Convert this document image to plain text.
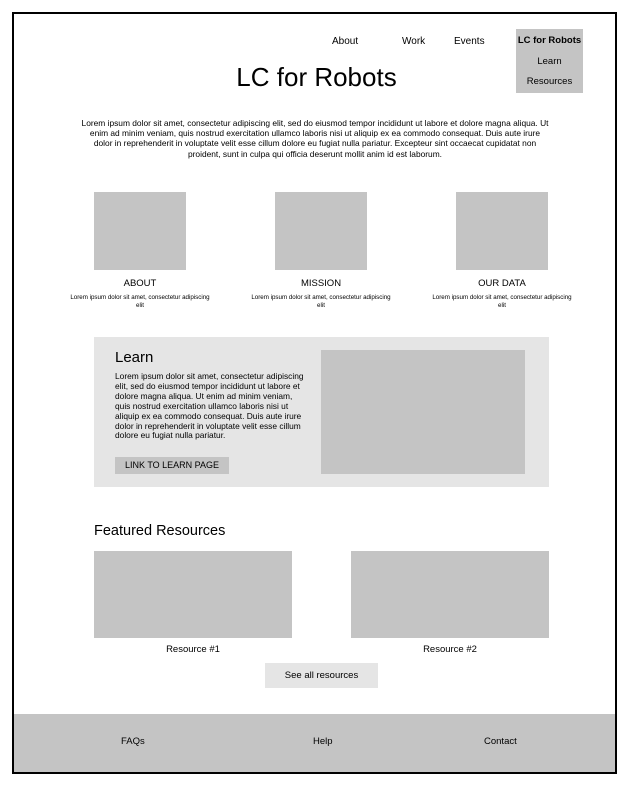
About	Work	Events	LC for Robots
Learn
Resources
LC for Robots

Lorem ipsum dolor sit amet, consectetur adipiscing elit, sed do eiusmod tempor incididunt ut labore et dolore magna aliqua. Ut enim ad minim veniam, quis nostrud exercitation ullamco laboris nisi ut aliquip ex ea commodo consequat. Duis aute irure dolor in reprehenderit in voluptate velit esse cillum dolore eu fugiat nulla pariatur. Excepteur sint occaecat cupidatat non proident, sunt in culpa qui officia deserunt mollit anim id est laborum.

ABOUT
Lorem ipsum dolor sit amet, consectetur adipiscing elit
MISSION
Lorem ipsum dolor sit amet, consectetur adipiscing elit
OUR DATA
Lorem ipsum dolor sit amet, consectetur adipiscing elit
Learn

Lorem ipsum dolor sit amet, consectetur adipiscing elit, sed do eiusmod tempor incididunt ut labore et dolore magna aliqua. Ut enim ad minim veniam, quis nostrud exercitation ullamco laboris nisi ut aliquip ex ea commodo consequat. Duis aute irure dolor in reprehenderit in voluptate velit esse cillum dolore eu fugiat nulla pariatur.

LINK TO LEARN PAGE
Featured Resources
Resource #1	Resource #2
See all resources
FAQs	Help	Contact
